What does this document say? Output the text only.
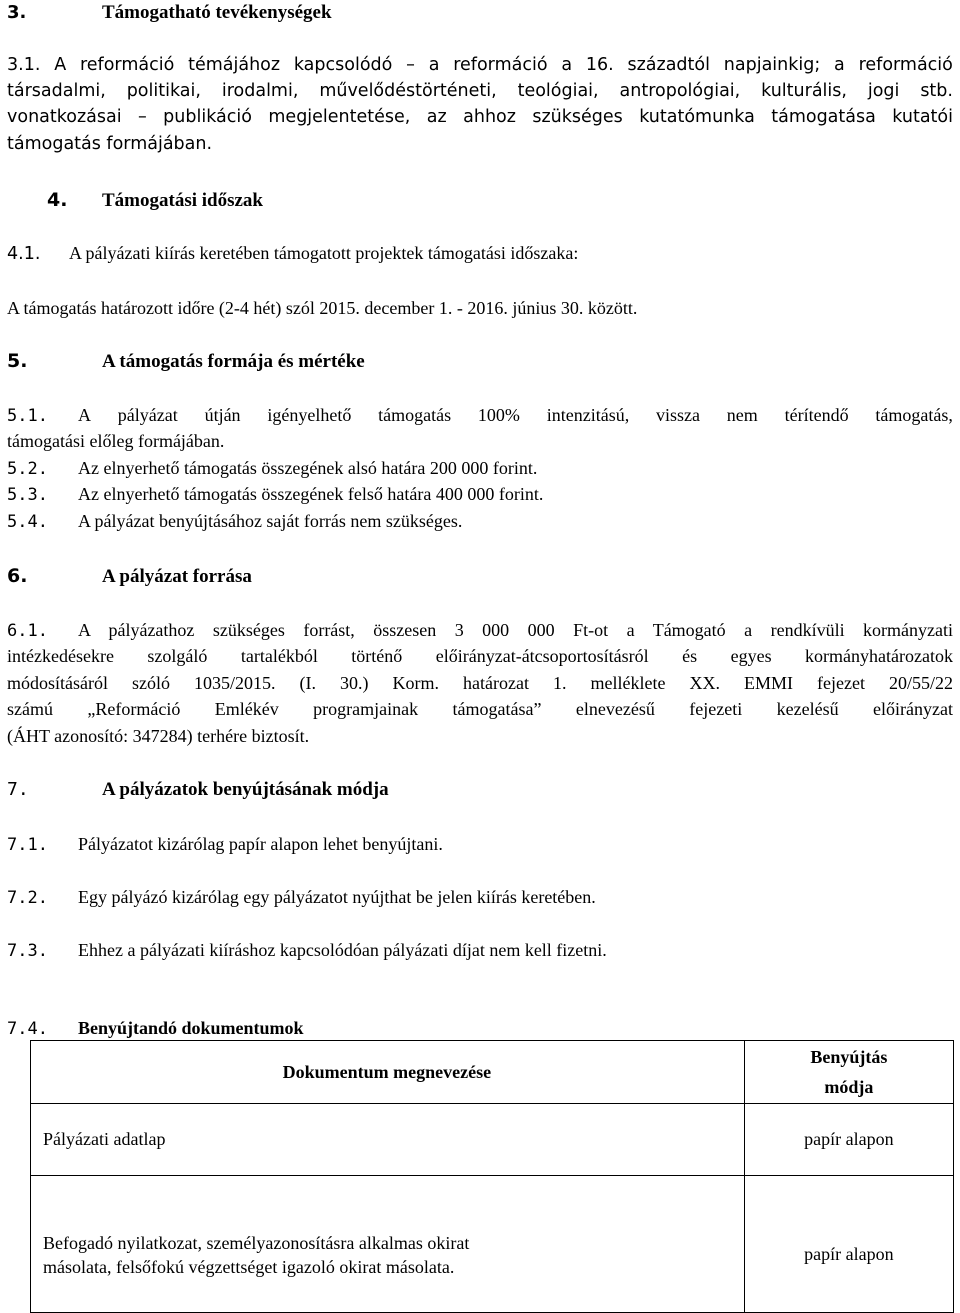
3.	Támogatható tevékenységek
3.1. A reformáció témájához kapcsolódó – a reformáció a 16. századtól napjainkig; a reformáció
társadalmi, politikai, irodalmi, művelődéstörténeti, teológiai, antropológiai, kulturális, jogi stb.
vonatkozásai – publikáció megjelentetése, az ahhoz szükséges kutatómunka támogatása kutatói
támogatás formájában.
4. Támogatási időszak
4.1. A pályázati kiírás keretében támogatott projektek támogatási időszaka:
A támogatás határozott időre (2-4 hét) szól 2015. december 1. - 2016. június 30. között.
5.	A támogatás formája és mértéke
5.1. A pályázat útján igényelhető támogatás 100% intenzitású, vissza nem térítendő támogatás,
támogatási előleg formájában.
5.2. Az elnyerhető támogatás összegének alsó határa 200 000 forint.
5.3. Az elnyerhető támogatás összegének felső határa 400 000 forint.
5.4. A pályázat benyújtásához saját forrás nem szükséges.
6.	A pályázat forrása
6.1. A pályázathoz szükséges forrást, összesen 3 000 000 Ft-ot a Támogató a rendkívüli kormányzati
intézkedésekre szolgáló tartalékból történő előirányzat-átcsoportosításról és egyes kormányhatározatok
módosításáról szóló 1035/2015. (I. 30.) Korm. határozat 1. melléklete XX. EMMI fejezet 20/55/22
számú „Reformáció Emlékév programjainak támogatása” elnevezésű fejezeti kezelésű előirányzat
(ÁHT azonosító: 347284) terhére biztosít.
7.	A pályázatok benyújtásának módja
7.1. Pályázatot kizárólag papír alapon lehet benyújtani.
7.2. Egy pályázó kizárólag egy pályázatot nyújthat be jelen kiírás keretében.
7.3. Ehhez a pályázati kiíráshoz kapcsolódóan pályázati díjat nem kell fizetni.
7.4. Benyújtandó dokumentumok
Dokumentum megnevezése	Benyújtás
módja
Pályázati adatlap	papír alapon

Befogadó nyilatkozat, személyazonosításra alkalmas okirat
másolata, felsőfokú végzettséget igazoló okirat másolata.	papír alapon
